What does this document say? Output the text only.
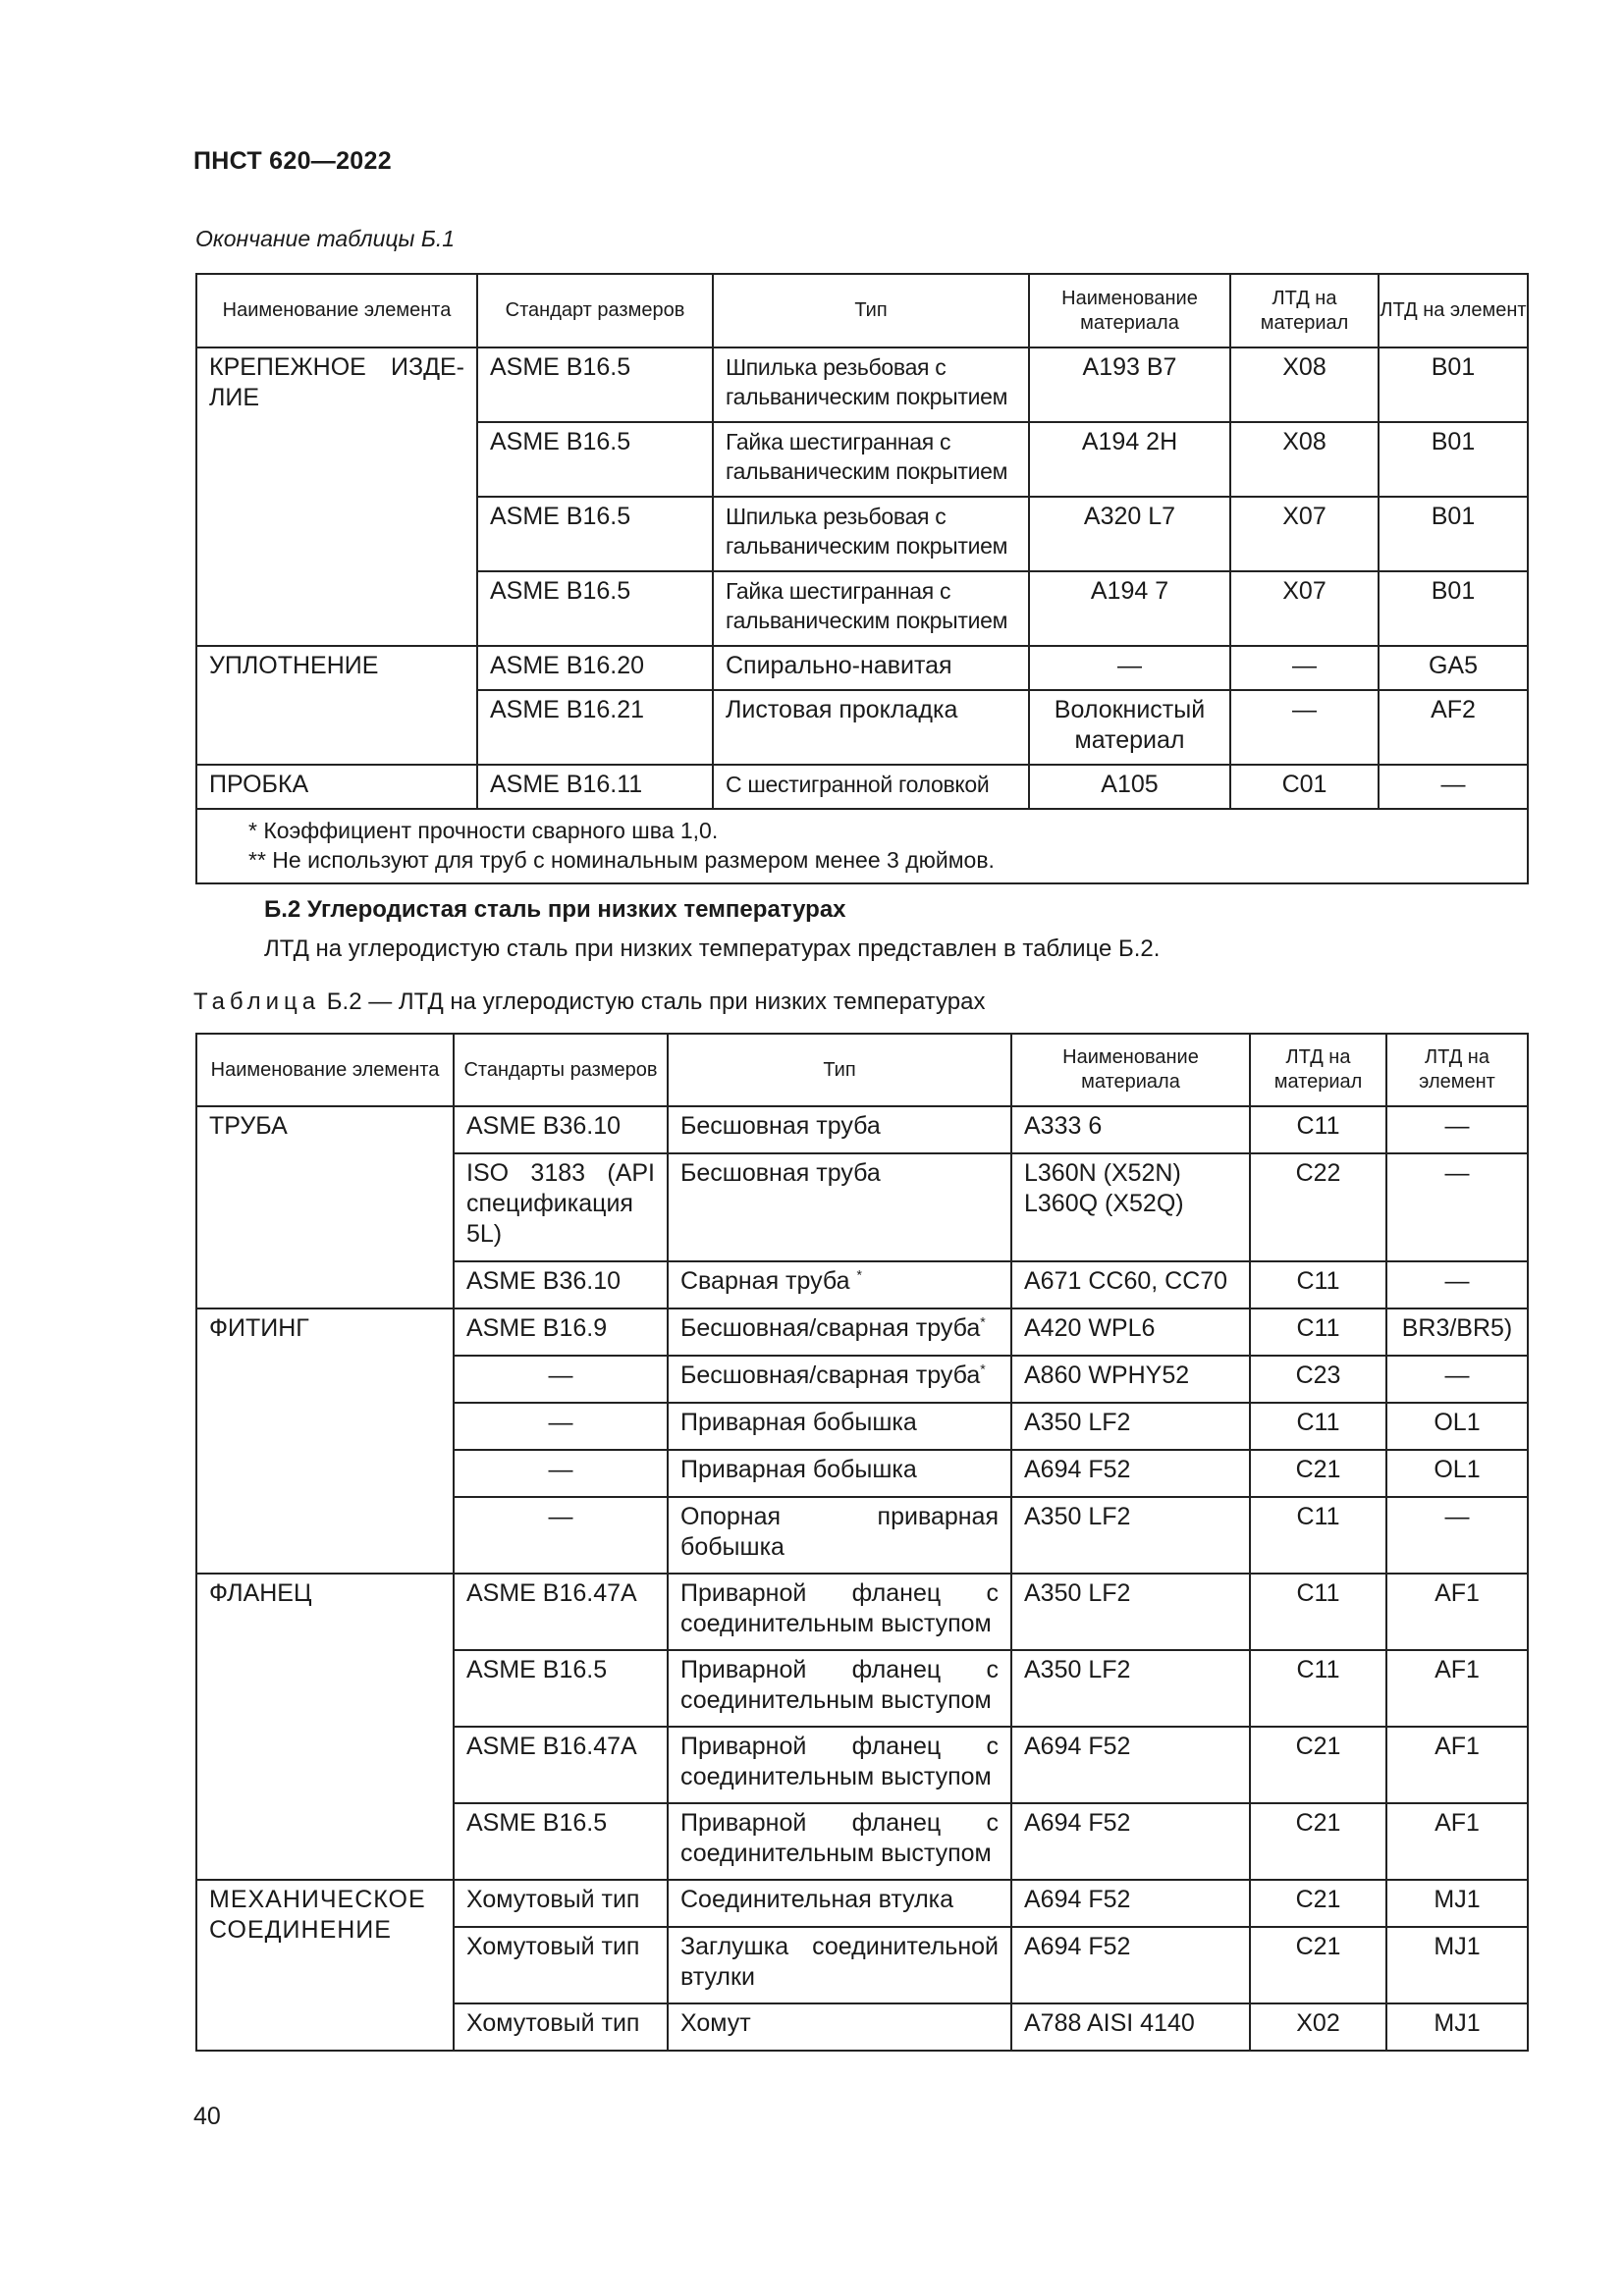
ПНСТ 620—2022
Окончание таблицы Б.1
Наименование элемента	Стандарт размеров	Тип	Наименование материала	ЛТД на материал	ЛТД на элемент
КРЕПЕЖНОЕ ИЗДЕ-ЛИЕ	ASME B16.5	Шпилька резьбовая с гальваническим покрытием	A193 B7	X08	B01
	ASME B16.5	Гайка шестигранная с гальваническим покрытием	A194 2H	X08	B01
	ASME B16.5	Шпилька резьбовая с гальваническим покрытием	A320 L7	X07	B01
	ASME B16.5	Гайка шестигранная с гальваническим покрытием	A194 7	X07	B01
УПЛОТНЕНИЕ	ASME B16.20	Спирально-навитая	—	—	GA5
	ASME B16.21	Листовая прокладка	Волокнистый материал	—	AF2
ПРОБКА	ASME B16.11	С шестигранной головкой	A105	C01	—

* Коэффициент прочности сварного шва 1,0.
** Не используют для труб с номинальным размером менее 3 дюймов.					
Б.2 Углеродистая сталь при низких температурах
ЛТД на углеродистую сталь при низких температурах представлен в таблице Б.2.
Таблица Б.2 — ЛТД на углеродистую сталь при низких температурах
Наименование элемента	Стандарты размеров	Тип	Наименование материала	ЛТД на материал	ЛТД на элемент
ТРУБА	ASME B36.10	Бесшовная труба	A333 6	C11	—
	ISO 3183 (API спецификация 5L)	Бесшовная труба	L360N (X52N) L360Q (X52Q)	C22	—
	ASME B36.10	Сварная труба *	A671 CC60, CC70	C11	—
ФИТИНГ	ASME B16.9	Бесшовная/сварная труба*	A420 WPL6	C11	BR3/BR5)
	—	Бесшовная/сварная труба*	A860 WPHY52	C23	—
	—	Приварная бобышка	A350 LF2	C11	OL1
	—	Приварная бобышка	A694 F52	C21	OL1
	—	Опорная приварная бобышка	A350 LF2	C11	—
ФЛАНЕЦ	ASME B16.47A	Приварной фланец с соединительным выступом	A350 LF2	C11	AF1
	ASME B16.5	Приварной фланец с соединительным выступом	A350 LF2	C11	AF1
	ASME B16.47A	Приварной фланец с соединительным выступом	A694 F52	C21	AF1
	ASME B16.5	Приварной фланец с соединительным выступом	A694 F52	C21	AF1
МЕХАНИЧЕСКОЕ СОЕДИНЕНИЕ	Хомутовый тип	Соединительная втулка	A694 F52	C21	MJ1
	Хомутовый тип	Заглушка соединительной втулки	A694 F52	C21	MJ1
	Хомутовый тип	Хомут	A788 AISI 4140	X02	MJ1
40
